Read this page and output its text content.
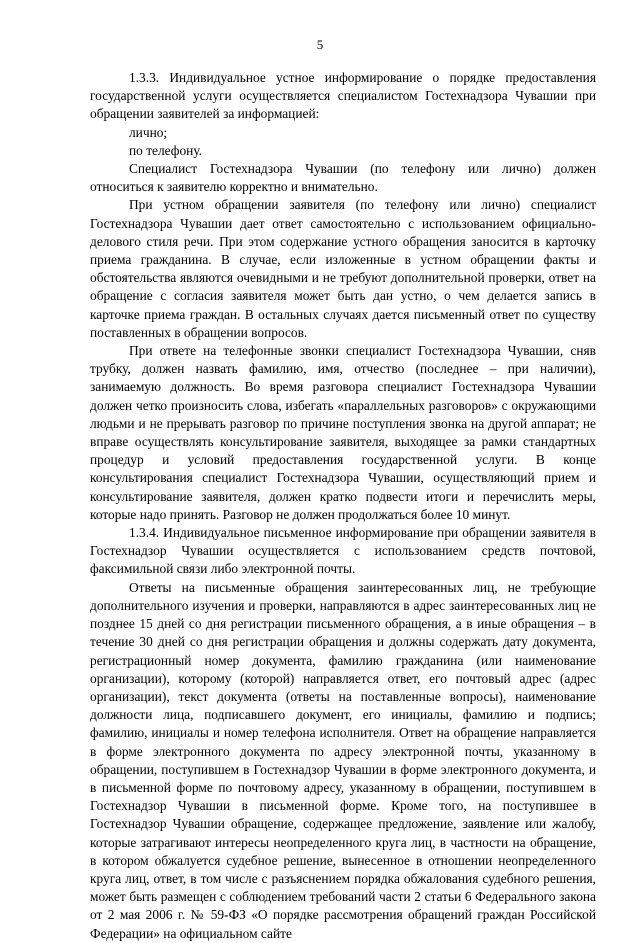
5

1.3.3. Индивидуальное устное информирование о порядке предоставления государственной услуги осуществляется специалистом Гостехнадзора Чувашии при обращении заявителей за информацией:

лично;

по телефону.

Специалист Гостехнадзора Чувашии (по телефону или лично) должен относиться к заявителю корректно и внимательно.

При устном обращении заявителя (по телефону или лично) специалист Гостехнадзора Чувашии дает ответ самостоятельно с использованием официально-делового стиля речи. При этом содержание устного обращения заносится в карточку приема гражданина. В случае, если изложенные в устном обращении факты и обстоятельства являются очевидными и не требуют дополнительной проверки, ответ на обращение с согласия заявителя может быть дан устно, о чем делается запись в карточке приема граждан. В остальных случаях дается письменный ответ по существу поставленных в обращении вопросов.

При ответе на телефонные звонки специалист Гостехнадзора Чувашии, сняв трубку, должен назвать фамилию, имя, отчество (последнее – при наличии), занимаемую должность. Во время разговора специалист Гостехнадзора Чувашии должен четко произносить слова, избегать «параллельных разговоров» с окружающими людьми и не прерывать разговор по причине поступления звонка на другой аппарат; не вправе осуществлять консультирование заявителя, выходящее за рамки стандартных процедур и условий предоставления государственной услуги. В конце консультирования специалист Гостехнадзора Чувашии, осуществляющий прием и консультирование заявителя, должен кратко подвести итоги и перечислить меры, которые надо принять. Разговор не должен продолжаться более 10 минут.

1.3.4. Индивидуальное письменное информирование при обращении заявителя в Гостехнадзор Чувашии осуществляется с использованием средств почтовой, факсимильной связи либо электронной почты.

Ответы на письменные обращения заинтересованных лиц, не требующие дополнительного изучения и проверки, направляются в адрес заинтересованных лиц не позднее 15 дней со дня регистрации письменного обращения, а в иные обращения – в течение 30 дней со дня регистрации обращения и должны содержать дату документа, регистрационный номер документа, фамилию гражданина (или наименование организации), которому (которой) направляется ответ, его почтовый адрес (адрес организации), текст документа (ответы на поставленные вопросы), наименование должности лица, подписавшего документ, его инициалы, фамилию и подпись; фамилию, инициалы и номер телефона исполнителя. Ответ на обращение направляется в форме электронного документа по адресу электронной почты, указанному в обращении, поступившем в Гостехнадзор Чувашии в форме электронного документа, и в письменной форме по почтовому адресу, указанному в обращении, поступившем в Гостехнадзор Чувашии в письменной форме. Кроме того, на поступившее в Гостехнадзор Чувашии обращение, содержащее предложение, заявление или жалобу, которые затрагивают интересы неопределенного круга лиц, в частности на обращение, в котором обжалуется судебное решение, вынесенное в отношении неопределенного круга лиц, ответ, в том числе с разъяснением порядка обжалования судебного решения, может быть размещен с соблюдением требований части 2 статьи 6 Федерального закона от 2 мая 2006 г. № 59-ФЗ «О порядке рассмотрения обращений граждан Российской Федерации» на официальном сайте
